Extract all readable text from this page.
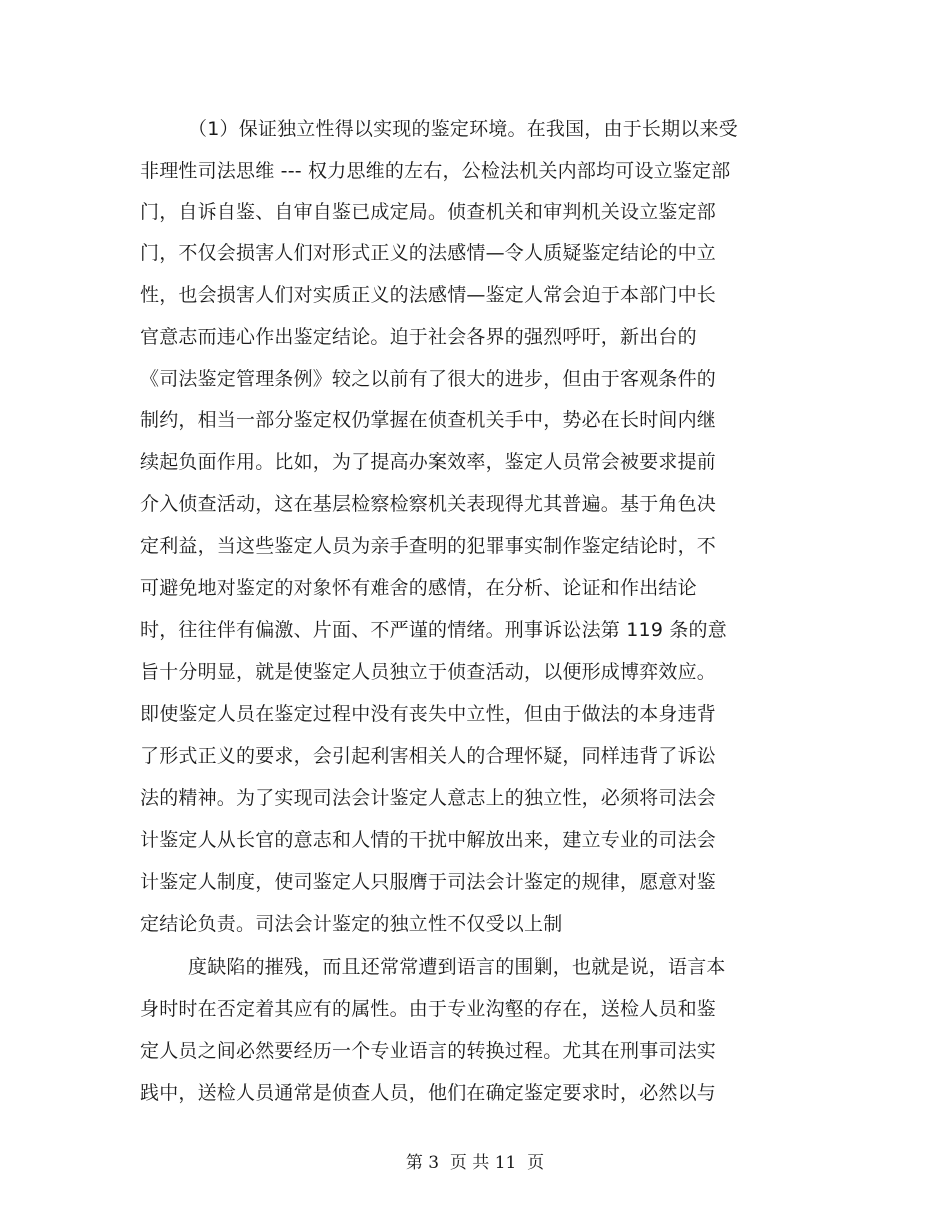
（1）保证独立性得以实现的鉴定环境。在我国，由于长期以来受
非理性司法思维 --- 权力思维的左右，公检法机关内部均可设立鉴定部
门，自诉自鉴、自审自鉴已成定局。侦查机关和审判机关设立鉴定部
门，不仅会损害人们对形式正义的法感情—令人质疑鉴定结论的中立
性，也会损害人们对实质正义的法感情—鉴定人常会迫于本部门中长
官意志而违心作出鉴定结论。迫于社会各界的强烈呼吁，新出台的
《司法鉴定管理条例》较之以前有了很大的进步，但由于客观条件的
制约，相当一部分鉴定权仍掌握在侦查机关手中，势必在长时间内继
续起负面作用。比如，为了提高办案效率，鉴定人员常会被要求提前
介入侦查活动，这在基层检察检察机关表现得尤其普遍。基于角色决
定利益，当这些鉴定人员为亲手查明的犯罪事实制作鉴定结论时，不
可避免地对鉴定的对象怀有难舍的感情，在分析、论证和作出结论
时，往往伴有偏激、片面、不严谨的情绪。刑事诉讼法第 119 条的意
旨十分明显，就是使鉴定人员独立于侦查活动，以便形成博弈效应。
即使鉴定人员在鉴定过程中没有丧失中立性，但由于做法的本身违背
了形式正义的要求，会引起利害相关人的合理怀疑，同样违背了诉讼
法的精神。为了实现司法会计鉴定人意志上的独立性，必须将司法会
计鉴定人从长官的意志和人情的干扰中解放出来，建立专业的司法会
计鉴定人制度，使司鉴定人只服膺于司法会计鉴定的规律，愿意对鉴
定结论负责。司法会计鉴定的独立性不仅受以上制
度缺陷的摧残，而且还常常遭到语言的围剿，也就是说，语言本
身时时在否定着其应有的属性。由于专业沟壑的存在，送检人员和鉴
定人员之间必然要经历一个专业语言的转换过程。尤其在刑事司法实
践中，送检人员通常是侦查人员，他们在确定鉴定要求时，必然以与
第 3  页 共 11  页
